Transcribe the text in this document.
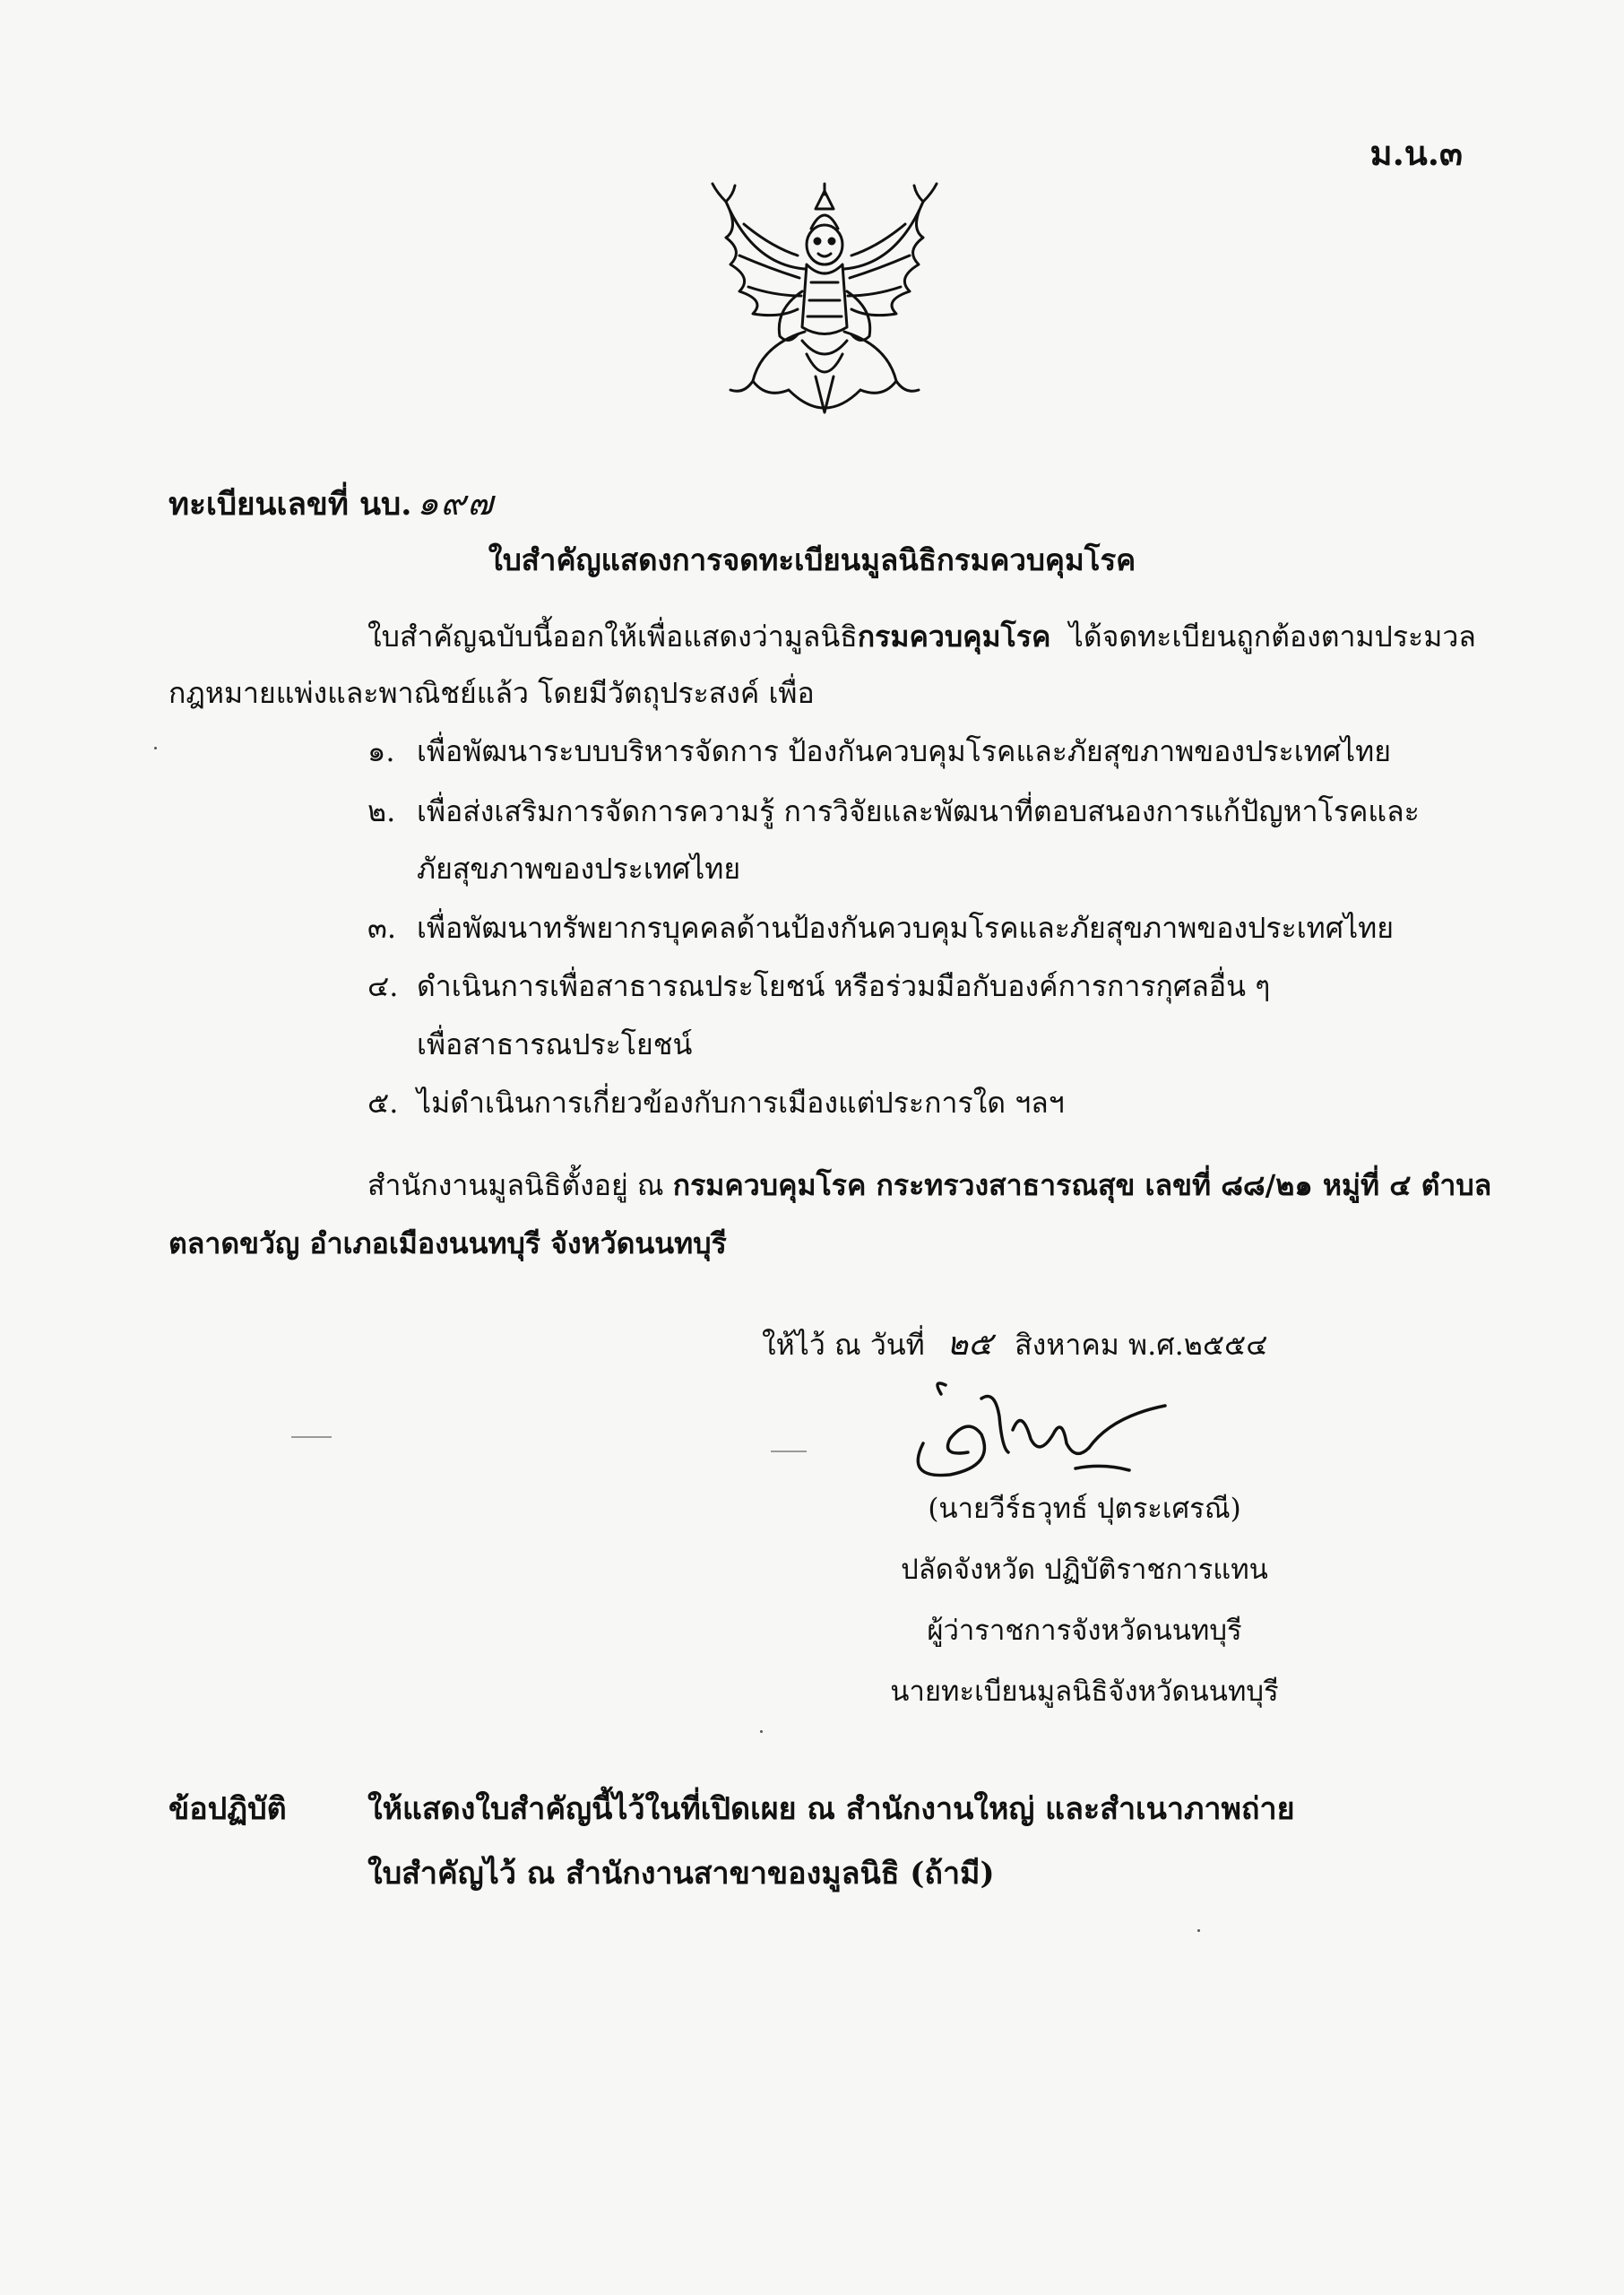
ม.น.๓
ทะเบียนเลขที่ นบ. ๑๙๗
ใบสำคัญแสดงการจดทะเบียนมูลนิธิกรมควบคุมโรค
ใบสำคัญฉบับนี้ออกให้เพื่อแสดงว่ามูลนิธิกรมควบคุมโรค ได้จดทะเบียนถูกต้องตามประมวล
กฎหมายแพ่งและพาณิชย์แล้ว โดยมีวัตถุประสงค์ เพื่อ
๑. เพื่อพัฒนาระบบบริหารจัดการ ป้องกันควบคุมโรคและภัยสุขภาพของประเทศไทย
๒. เพื่อส่งเสริมการจัดการความรู้ การวิจัยและพัฒนาที่ตอบสนองการแก้ปัญหาโรคและ
ภัยสุขภาพของประเทศไทย
๓. เพื่อพัฒนาทรัพยากรบุคคลด้านป้องกันควบคุมโรคและภัยสุขภาพของประเทศไทย
๔. ดำเนินการเพื่อสาธารณประโยชน์ หรือร่วมมือกับองค์การการกุศลอื่น ๆ
เพื่อสาธารณประโยชน์
๕. ไม่ดำเนินการเกี่ยวข้องกับการเมืองแต่ประการใด ฯลฯ
สำนักงานมูลนิธิตั้งอยู่ ณ กรมควบคุมโรค กระทรวงสาธารณสุข เลขที่ ๘๘/๒๑ หมู่ที่ ๔ ตำบล
ตลาดขวัญ อำเภอเมืองนนทบุรี จังหวัดนนทบุรี
ให้ไว้ ณ วันที่ ๒๕ สิงหาคม พ.ศ.๒๕๕๔
(นายวีร์ธวุทธ์ ปุตระเศรณี)
ปลัดจังหวัด ปฏิบัติราชการแทน
ผู้ว่าราชการจังหวัดนนทบุรี
นายทะเบียนมูลนิธิจังหวัดนนทบุรี
ข้อปฏิบัติ	ให้แสดงใบสำคัญนี้ไว้ในที่เปิดเผย ณ สำนักงานใหญ่ และสำเนาภาพถ่าย
ใบสำคัญไว้ ณ สำนักงานสาขาของมูลนิธิ (ถ้ามี)
